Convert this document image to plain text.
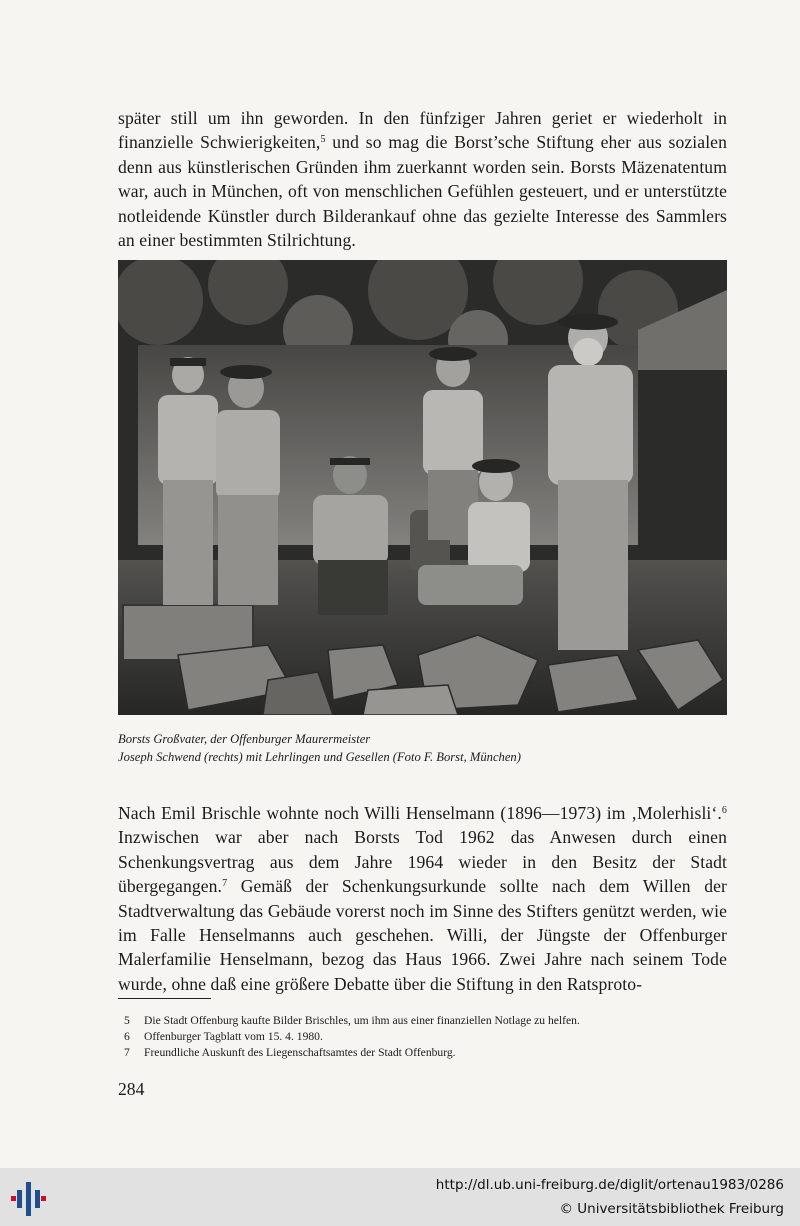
später still um ihn geworden. In den fünfziger Jahren geriet er wiederholt in finanzielle Schwierigkeiten,$^5$ und so mag die Borst’sche Stiftung eher aus sozialen denn aus künstlerischen Gründen ihm zuerkannt worden sein. Borsts Mäzenatentum war, auch in München, oft von menschlichen Gefühlen gesteuert, und er unterstützte notleidende Künstler durch Bilderankauf ohne das gezielte Interesse des Sammlers an einer bestimmten Stilrichtung.

Borsts Großvater, der Offenburger Maurermeister

Joseph Schwend (rechts) mit Lehrlingen und Gesellen (Foto F. Borst, München)

Nach Emil Brischle wohnte noch Willi Henselmann (1896—1973) im ‚Molerhisli‘.$^6$ Inzwischen war aber nach Borsts Tod 1962 das Anwesen durch einen Schenkungsvertrag aus dem Jahre 1964 wieder in den Besitz der Stadt übergegangen.$^7$ Gemäß der Schenkungsurkunde sollte nach dem Willen der Stadtverwaltung das Gebäude vorerst noch im Sinne des Stifters genützt werden, wie im Falle Henselmanns auch geschehen. Willi, der Jüngste der Offenburger Malerfamilie Henselmann, bezog das Haus 1966. Zwei Jahre nach seinem Tode wurde, ohne daß eine größere Debatte über die Stiftung in den Ratsproto-

5 Die Stadt Offenburg kaufte Bilder Brischles, um ihm aus einer finanziellen Notlage zu helfen.

6 Offenburger Tagblatt vom 15. 4. 1980.

7 Freundliche Auskunft des Liegenschaftsamtes der Stadt Offenburg.

284

http://dl.ub.uni-freiburg.de/diglit/ortenau1983/0286
© Universitätsbibliothek Freiburg
